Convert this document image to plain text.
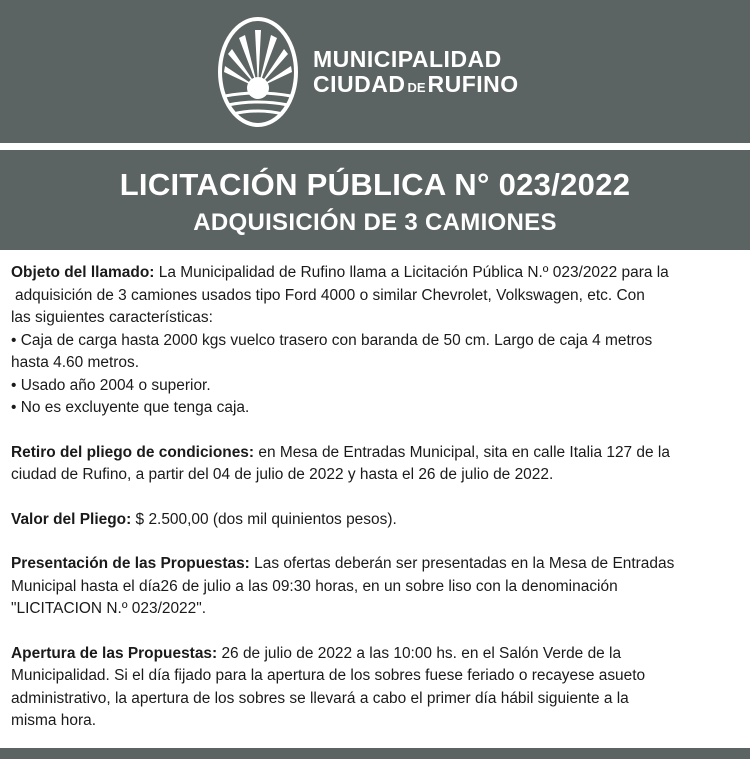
MUNICIPALIDAD
CIUDAD DERUFINO
LICITACIÓN PÚBLICA N° 023/2022
ADQUISICIÓN DE 3 CAMIONES
Objeto del llamado: La Municipalidad de Rufino llama a Licitación Pública N.º 023/2022 para la
adquisición de 3 camiones usados tipo Ford 4000 o similar Chevrolet, Volkswagen, etc. Con
las siguientes características:
• Caja de carga hasta 2000 kgs vuelco trasero con baranda de 50 cm. Largo de caja 4 metros
hasta 4.60 metros.
• Usado año 2004 o superior.
• No es excluyente que tenga caja.
Retiro del pliego de condiciones: en Mesa de Entradas Municipal, sita en calle Italia 127 de la
ciudad de Rufino, a partir del 04 de julio de 2022 y hasta el 26 de julio de 2022.
Valor del Pliego: $ 2.500,00 (dos mil quinientos pesos).
Presentación de las Propuestas: Las ofertas deberán ser presentadas en la Mesa de Entradas
Municipal hasta el día26 de julio a las 09:30 horas, en un sobre liso con la denominación
"LICITACION N.º 023/2022".
Apertura de las Propuestas: 26 de julio de 2022 a las 10:00 hs. en el Salón Verde de la
Municipalidad. Si el día fijado para la apertura de los sobres fuese feriado o recayese asueto
administrativo, la apertura de los sobres se llevará a cabo el primer día hábil siguiente a la
misma hora.
